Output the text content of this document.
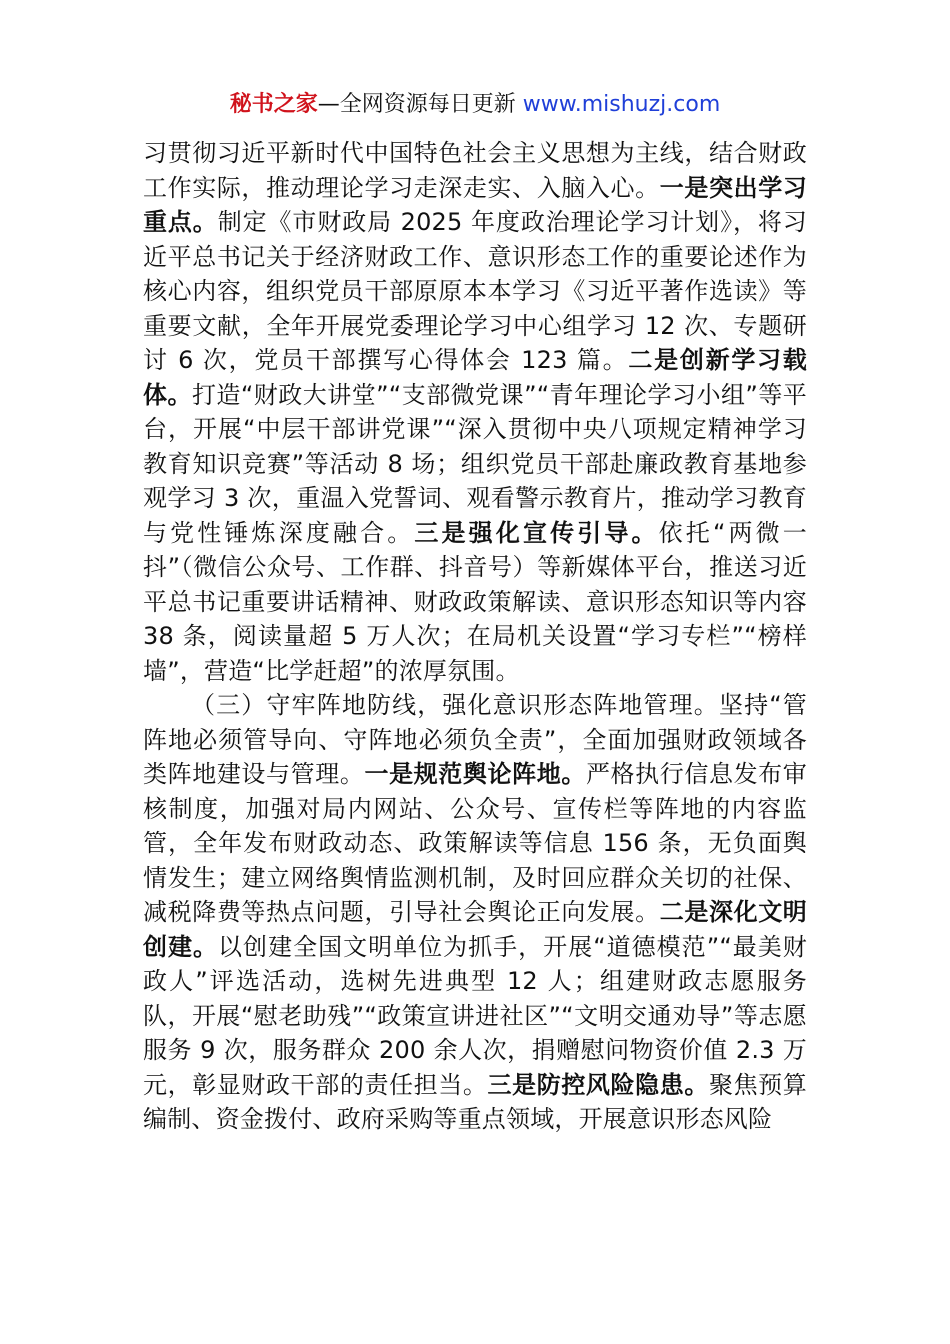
秘书之家—全网资源每日更新 www.mishuzj.com

习贯彻习近平新时代中国特色社会主义思想为主线，结合财政工作实际，推动理论学习走深走实、入脑入心。一是突出学习重点。制定《市财政局 2025 年度政治理论学习计划》，将习近平总书记关于经济财政工作、意识形态工作的重要论述作为核心内容，组织党员干部原原本本学习《习近平著作选读》等重要文献，全年开展党委理论学习中心组学习 12 次、专题研讨 6 次，党员干部撰写心得体会 123 篇。二是创新学习载体。打造“财政大讲堂”“支部微党课”“青年理论学习小组”等平台，开展“中层干部讲党课”“深入贯彻中央八项规定精神学习教育知识竞赛”等活动 8 场；组织党员干部赴廉政教育基地参观学习 3 次，重温入党誓词、观看警示教育片，推动学习教育与党性锤炼深度融合。三是强化宣传引导。依托“两微一抖”（微信公众号、工作群、抖音号）等新媒体平台，推送习近平总书记重要讲话精神、财政政策解读、意识形态知识等内容 38 条，阅读量超 5 万人次；在局机关设置“学习专栏”“榜样墙”，营造“比学赶超”的浓厚氛围。

（三）守牢阵地防线，强化意识形态阵地管理。坚持“管阵地必须管导向、守阵地必须负全责”，全面加强财政领域各类阵地建设与管理。一是规范舆论阵地。严格执行信息发布审核制度，加强对局内网站、公众号、宣传栏等阵地的内容监管，全年发布财政动态、政策解读等信息 156 条，无负面舆情发生；建立网络舆情监测机制，及时回应群众关切的社保、减税降费等热点问题，引导社会舆论正向发展。二是深化文明创建。以创建全国文明单位为抓手，开展“道德模范”“最美财政人”评选活动，选树先进典型 12 人；组建财政志愿服务队，开展“慰老助残”“政策宣讲进社区”“文明交通劝导”等志愿服务 9 次，服务群众 200 余人次，捐赠慰问物资价值 2.3 万元，彰显财政干部的责任担当。三是防控风险隐患。聚焦预算编制、资金拨付、政府采购等重点领域，开展意识形态风险
